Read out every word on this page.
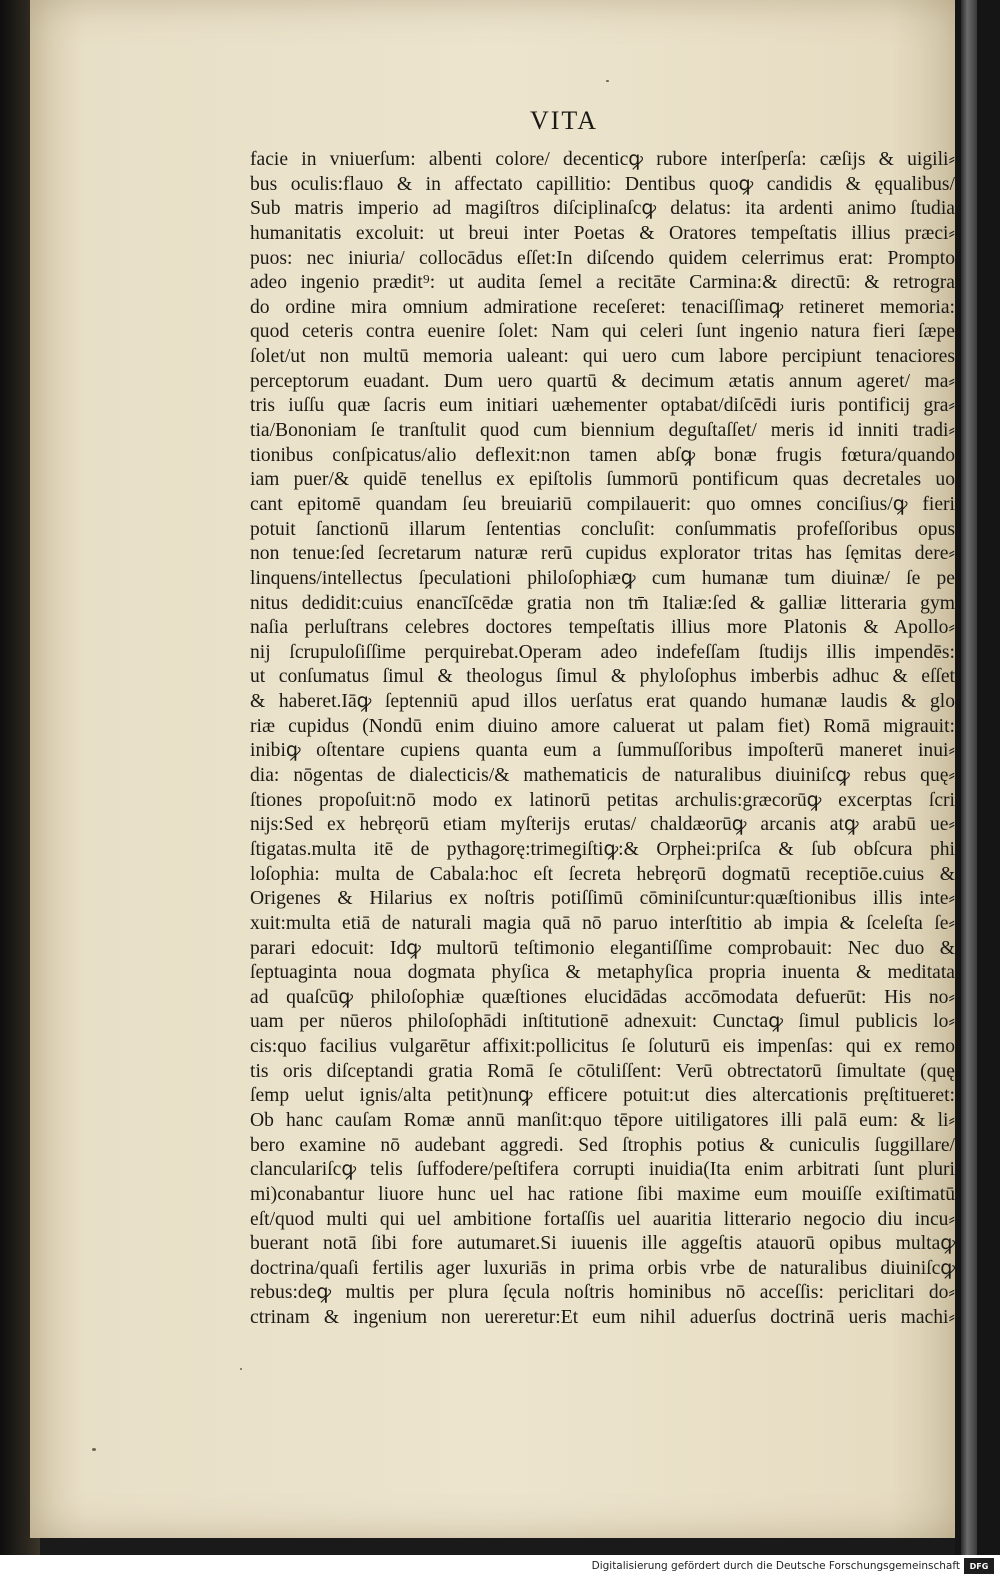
VITA
facie in vniuerſum: albenti colore/ decenticꝙ rubore interſperſa: cæſijs & uigili⸗
bus oculis:flauo & in affectato capillitio: Dentibus quoꝙ candidis & ęqualibus/
Sub matris imperio ad magiſtros diſciplinaſcꝙ delatus: ita ardenti animo ſtudia
humanitatis excoluit: ut breui inter Poetas & Oratores tempeſtatis illius præci⸗
puos: nec iniuria/ collocādus eſſet:In diſcendo quidem celerrimus erat: Prompto
adeo ingenio prædit⁹: ut audita ſemel a recitāte Carmina:& directū: & retrogra
do ordine mira omnium admiratione receſeret: tenaciſſimaꝙ retineret memoria:
quod ceteris contra euenire ſolet: Nam qui celeri ſunt ingenio natura fieri ſæpe
ſolet/ut non multū memoria ualeant: qui uero cum labore percipiunt tenaciores
perceptorum euadant. Dum uero quartū & decimum ætatis annum ageret/ ma⸗
tris iuſſu quæ ſacris eum initiari uæhementer optabat/diſcēdi iuris pontificij gra⸗
tia/Bononiam ſe tranſtulit quod cum biennium deguſtaſſet/ meris id inniti tradi⸗
tionibus conſpicatus/alio deflexit:non tamen abſꝙ bonæ frugis fœtura/quando
iam puer/& quidē tenellus ex epiſtolis ſummorū pontificum quas decretales uo
cant epitomē quandam ſeu breuiariū compilauerit: quo omnes conciſius/ꝙ fieri
potuit ſanctionū illarum ſententias concluſit: conſummatis profeſſoribus opus
non tenue:ſed ſecretarum naturæ rerū cupidus explorator tritas has ſęmitas dere⸗
linquens/intellectus ſpeculationi philoſophiæꝙ cum humanæ tum diuinæ/ ſe pe
nitus dedidit:cuius enancīſcēdæ gratia non tm̄ Italiæ:ſed & galliæ litteraria gym
naſia perluſtrans celebres doctores tempeſtatis illius more Platonis & Apollo⸗
nij ſcrupuloſiſſime perquirebat.Operam adeo indefeſſam ſtudijs illis impendēs:
ut conſumatus ſimul & theologus ſimul & phyloſophus imberbis adhuc & eſſet
& haberet.Iāꝙ ſeptenniū apud illos uerſatus erat quando humanæ laudis & glo
riæ cupidus (Nondū enim diuino amore caluerat ut palam fiet) Romā migrauit:
inibiꝙ oſtentare cupiens quanta eum a ſummuſſoribus impoſterū maneret inui⸗
dia: nōgentas de dialecticis/& mathematicis de naturalibus diuiniſcꝙ rebus quę⸗
ſtiones propoſuit:nō modo ex latinorū petitas archulis:græcorūꝙ excerptas ſcri
nijs:Sed ex hebręorū etiam myſterijs erutas/ chaldæorūꝙ arcanis atꝙ arabū ue⸗
ſtigatas.multa itē de pythagorę:trimegiſtiꝙ:& Orphei:priſca & ſub obſcura phi
loſophia: multa de Cabala:hoc eſt ſecreta hebręorū dogmatū receptiōe.cuius &
Origenes & Hilarius ex noſtris potiſſimū cōminiſcuntur:quæſtionibus illis inte⸗
xuit:multa etiā de naturali magia quā nō paruo interſtitio ab impia & ſceleſta ſe⸗
parari edocuit: Idꝙ multorū teſtimonio elegantiſſime comprobauit: Nec duo &
ſeptuaginta noua dogmata phyſica & metaphyſica propria inuenta & meditata
ad quaſcūꝙ philoſophiæ quæſtiones elucidādas accōmodata defuerūt: His no⸗
uam per nūeros philoſophādi inſtitutionē adnexuit: Cunctaꝙ ſimul publicis lo⸗
cis:quo facilius vulgarētur affixit:pollicitus ſe ſoluturū eis impenſas: qui ex remo
tis oris diſceptandi gratia Romā ſe cōtuliſſent: Verū obtrectatorū ſimultate (quę
ſemp uelut ignis/alta petit)nunꝙ efficere potuit:ut dies altercationis pręſtitueret:
Ob hanc cauſam Romæ annū manſit:quo tēpore uitiligatores illi palā eum: & li⸗
bero examine nō audebant aggredi. Sed ſtrophis potius & cuniculis ſuggillare/
clanculariſcꝙ telis ſuffodere/peſtifera corrupti inuidia(Ita enim arbitrati ſunt pluri
mi)conabantur liuore hunc uel hac ratione ſibi maxime eum mouiſſe exiſtimatū
eſt/quod multi qui uel ambitione fortaſſis uel auaritia litterario negocio diu incu⸗
buerant notā ſibi fore autumaret.Si iuuenis ille aggeſtis atauorū opibus multaꝙ
doctrina/quaſi fertilis ager luxuriās in prima orbis vrbe de naturalibus diuiniſcꝙ
rebus:deꝙ multis per plura ſęcula noſtris hominibus nō acceſſis: periclitari do⸗
ctrinam & ingenium non uereretur:Et eum nihil aduerſus doctrinā ueris machi⸗
Digitalisierung gefördert durch die Deutsche Forschungsgemeinschaft	DFG
